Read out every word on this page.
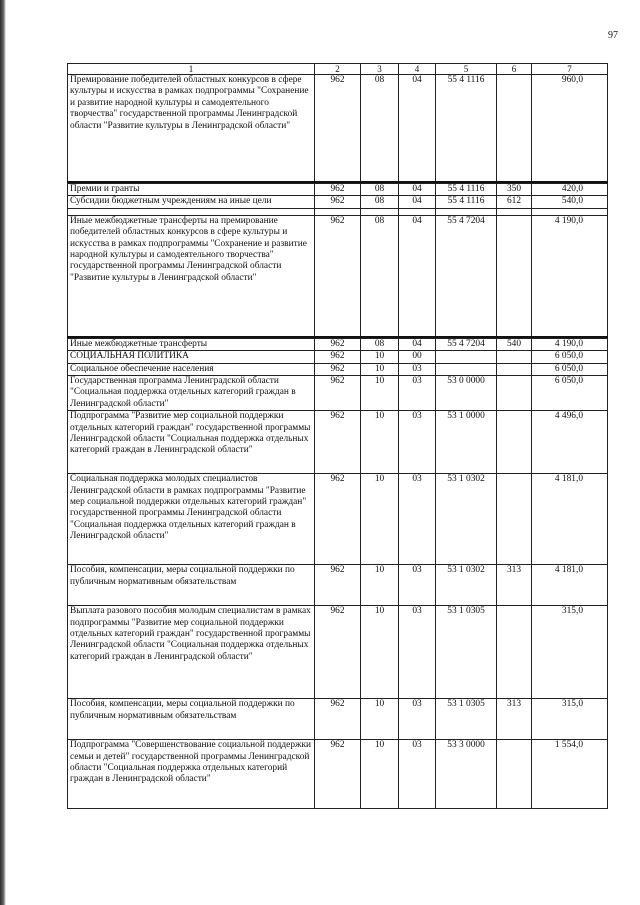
97
1	2	3	4	5	6	7
Премирование победителей областных конкурсов в сфере культуры и искусства в рамках подпрограммы "Сохранение и развитие народной культуры и самодеятельного творчества" государственной программы Ленинградской области "Развитие культуры в Ленинградской области"	962	08	04	55 4 1116		960,0

Премии и гранты	962	08	04	55 4 1116	350	420,0
Субсидии бюджетным учреждениям на иные цели	962	08	04	55 4 1116	612	540,0

Иные межбюджетные трансферты на премирование победителей областных конкурсов в сфере культуры и искусства в рамках подпрограммы "Сохранение и развитие народной культуры и самодеятельного творчества" государственной программы Ленинградской области "Развитие культуры в Ленинградской области"	962	08	04	55 4 7204		4 190,0

Иные межбюджетные трансферты	962	08	04	55 4 7204	540	4 190,0
СОЦИАЛЬНАЯ ПОЛИТИКА	962	10	00			6 050,0
Социальное обеспечение населения	962	10	03			6 050,0
Государственная программа Ленинградской области "Социальная поддержка отдельных категорий граждан в Ленинградской области"	962	10	03	53 0 0000		6 050,0
Подпрограмма "Развитие мер социальной поддержки отдельных категорий граждан" государственной программы Ленинградской области "Социальная поддержка отдельных категорий граждан в Ленинградской области"	962	10	03	53 1 0000		4 496,0
Социальная поддержка молодых специалистов Ленинградской области в рамках подпрограммы "Развитие мер социальной поддержки отдельных категорий граждан" государственной программы Ленинградской области "Социальная поддержка отдельных категорий граждан в Ленинградской области"	962	10	03	53 1 0302		4 181,0
Пособия, компенсации, меры социальной поддержки по публичным нормативным обязательствам	962	10	03	53 1 0302	313	4 181,0
Выплата разового пособия молодым специалистам в рамках подпрограммы "Развитие мер социальной поддержки отдельных категорий граждан" государственной программы Ленинградской области "Социальная поддержка отдельных категорий граждан в Ленинградской области"	962	10	03	53 1 0305		315,0
Пособия, компенсации, меры социальной поддержки по публичным нормативным обязательствам	962	10	03	53 1 0305	313	315,0
Подпрограмма "Совершенствование социальной поддержки семьи и детей" государственной программы Ленинградской области "Социальная поддержка отдельных категорий граждан в Ленинградской области"	962	10	03	53 3 0000		1 554,0
